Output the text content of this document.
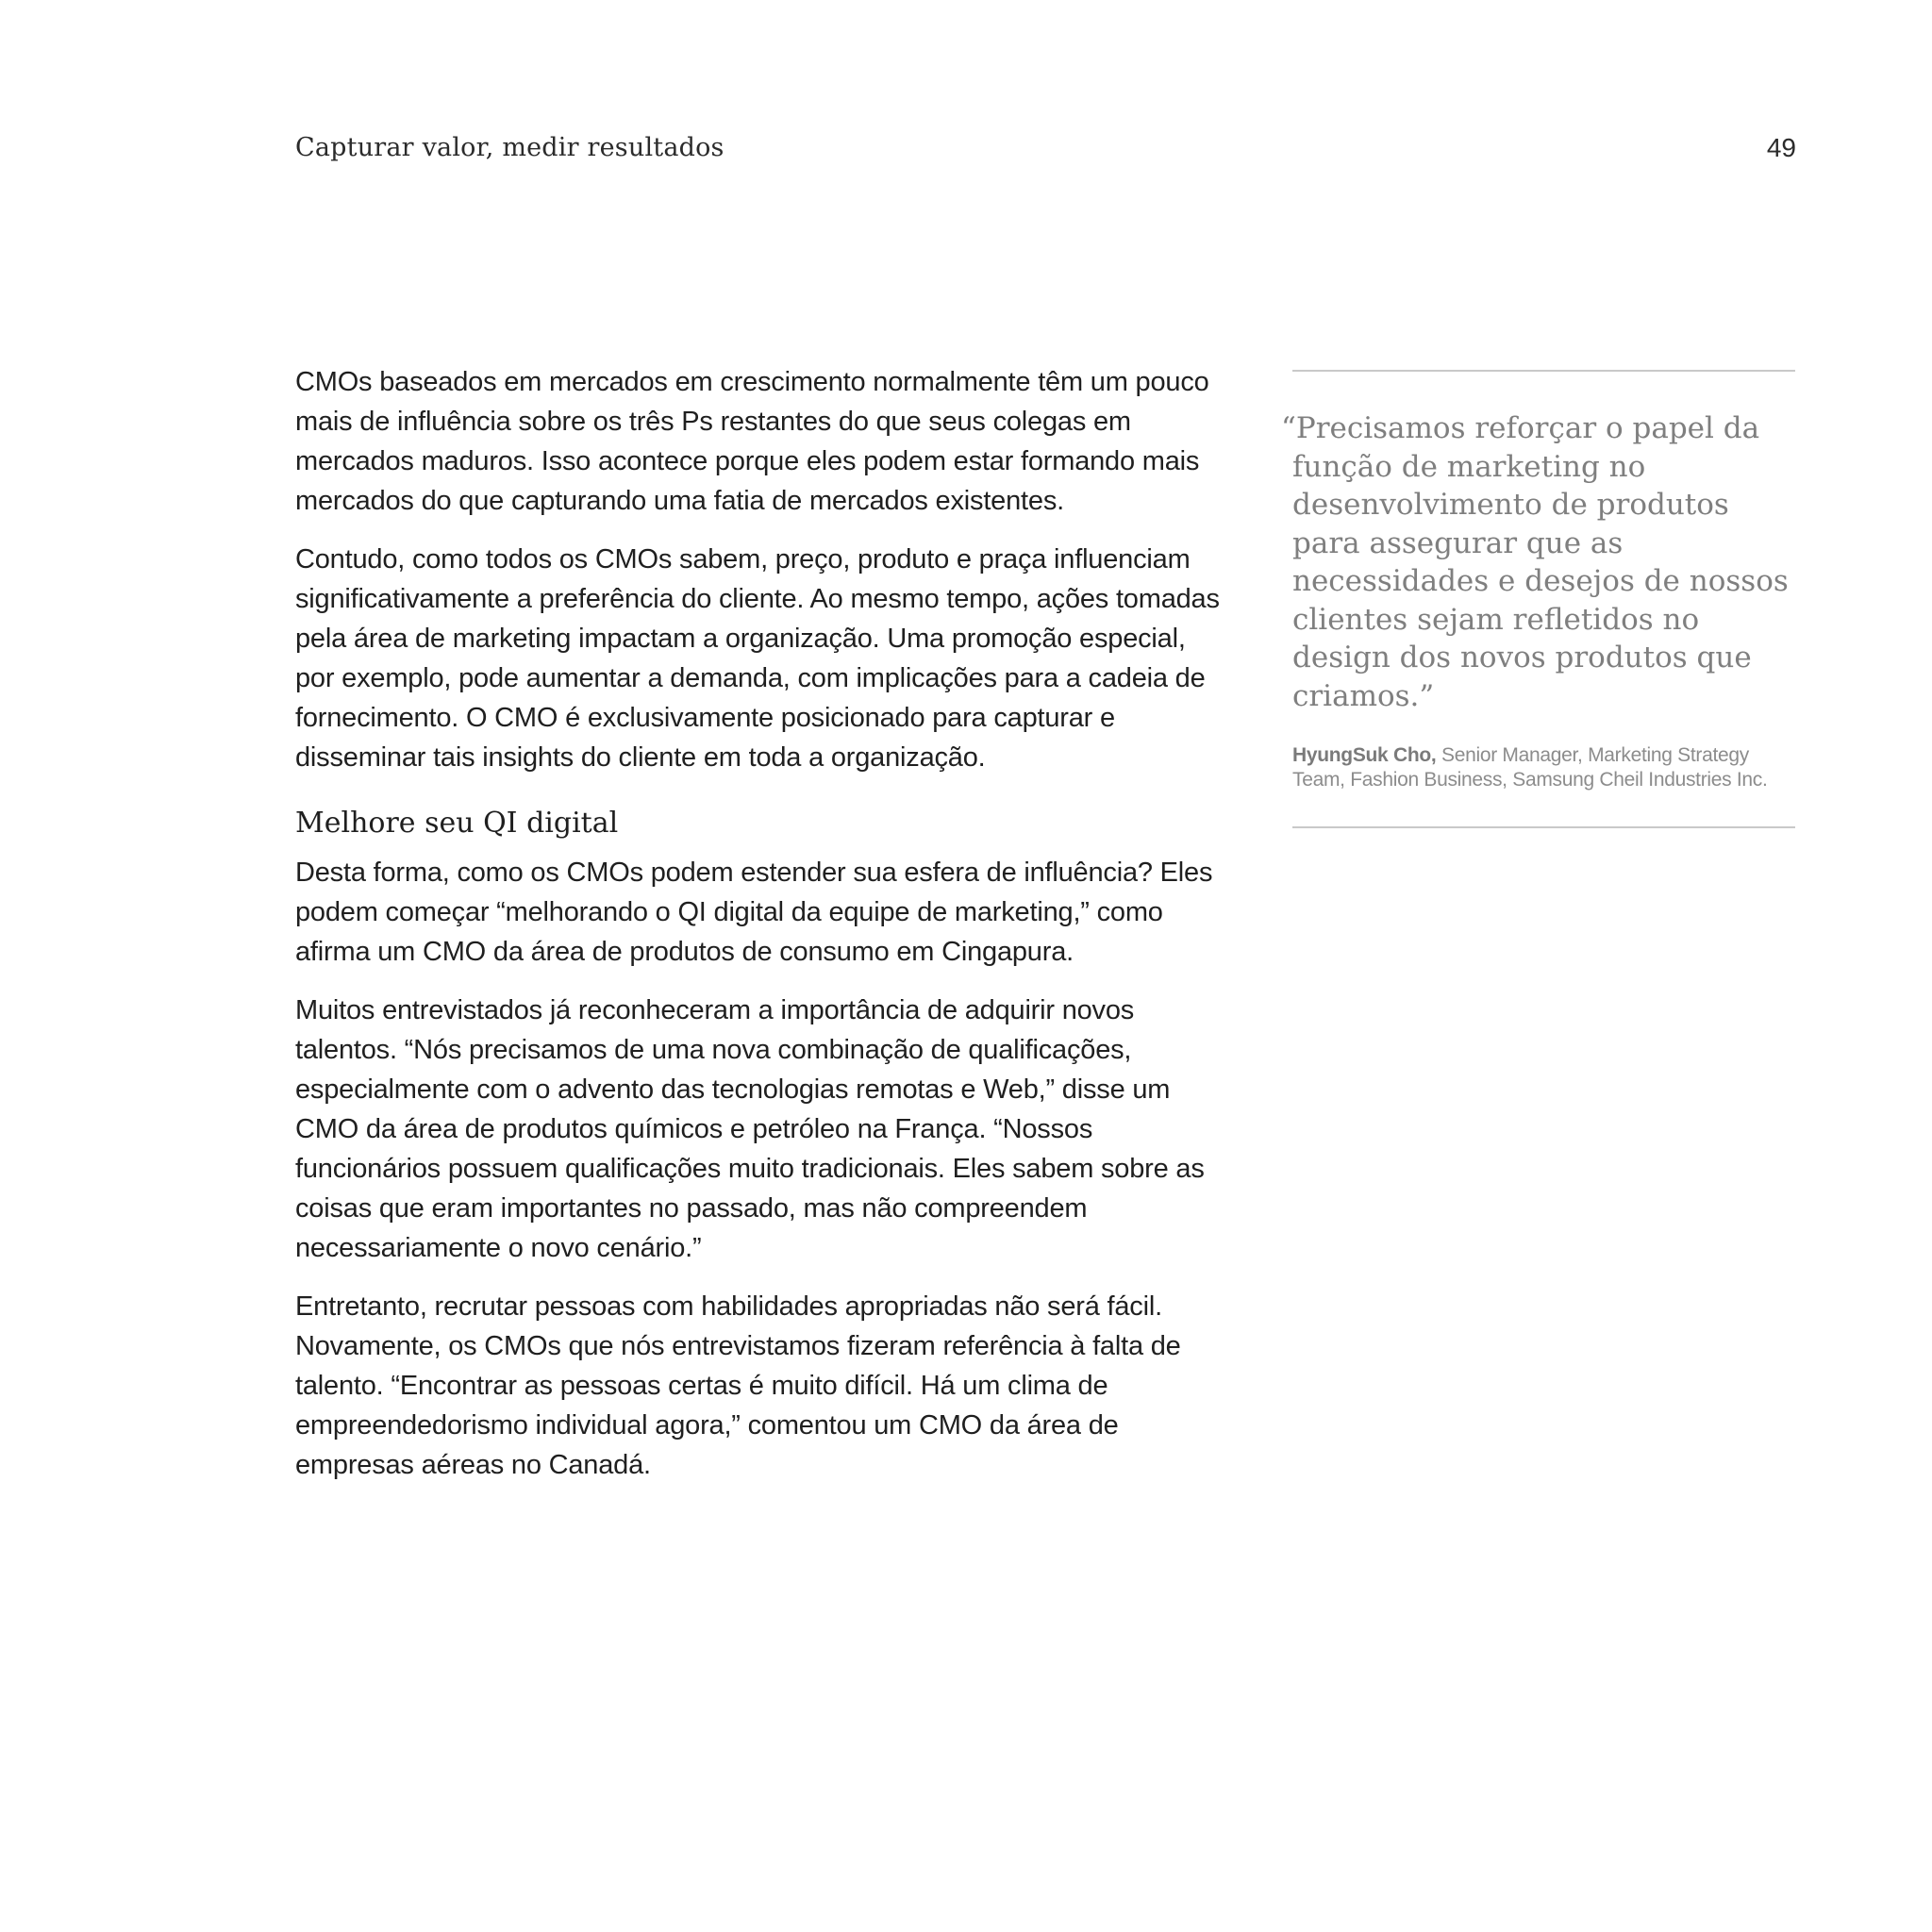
Capturar valor, medir resultados	49

CMOs baseados em mercados em crescimento normalmente têm um pouco mais de influência sobre os três Ps restantes do que seus colegas em mercados maduros. Isso acontece porque eles podem estar formando mais mercados do que capturando uma fatia de mercados existentes.

Contudo, como todos os CMOs sabem, preço, produto e praça influenciam significativamente a preferência do cliente. Ao mesmo tempo, ações tomadas pela área de marketing impactam a organização. Uma promoção especial, por exemplo, pode aumentar a demanda, com implicações para a cadeia de fornecimento. O CMO é exclusivamente posicionado para capturar e disseminar tais insights do cliente em toda a organização.

Melhore seu QI digital

Desta forma, como os CMOs podem estender sua esfera de influência? Eles podem começar “melhorando o QI digital da equipe de marketing,” como afirma um CMO da área de produtos de consumo em Cingapura.

Muitos entrevistados já reconheceram a importância de adquirir novos talentos. “Nós precisamos de uma nova combinação de qualificações, especialmente com o advento das tecnologias remotas e Web,” disse um CMO da área de produtos químicos e petróleo na França. “Nossos funcionários possuem qualificações muito tradicionais. Eles sabem sobre as coisas que eram importantes no passado, mas não compreendem necessariamente o novo cenário.”

Entretanto, recrutar pessoas com habilidades apropriadas não será fácil. Novamente, os CMOs que nós entrevistamos fizeram referência à falta de talento. “Encontrar as pessoas certas é muito difícil. Há um clima de empreendedorismo individual agora,” comentou um CMO da área de empresas aéreas no Canadá.

“Precisamos reforçar o papel da função de marketing no desenvolvimento de produtos para assegurar que as necessidades e desejos de nossos clientes sejam refletidos no design dos novos produtos que criamos.”

HyungSuk Cho, Senior Manager, Marketing Strategy Team, Fashion Business, Samsung Cheil Industries Inc.
